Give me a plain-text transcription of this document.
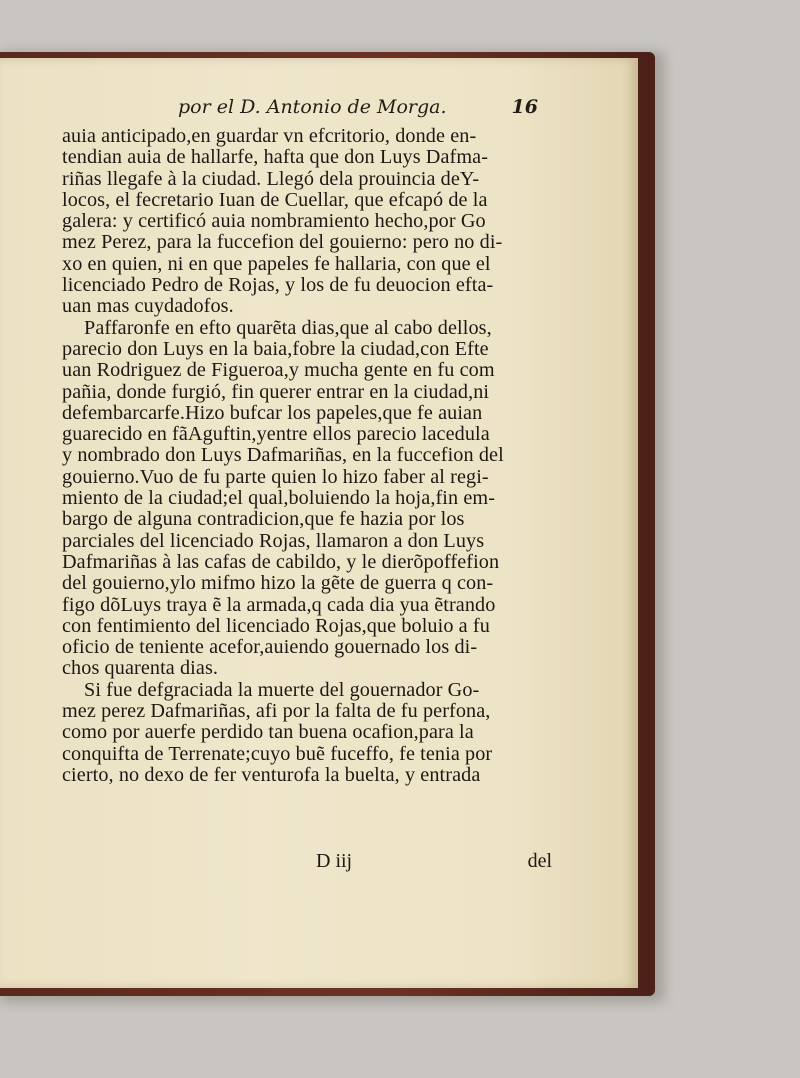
por el D. Antonio de Morga.	16
auia anticipado,en guardar vn efcritorio, donde en-
tendian auia de hallarfe, hafta que don Luys Dafma-
riñas llegafe à la ciudad. Llegó dela prouincia deY-
locos, el fecretario Iuan de Cuellar, que efcapó de la
galera: y certificó auia nombramiento hecho,por Go
mez Perez, para la fuccefion del gouierno: pero no di-
xo en quien, ni en que papeles fe hallaria, con que el
licenciado Pedro de Rojas, y los de fu deuocion efta-
uan mas cuydadofos.
Paffaronfe en efto quarẽta dias,que al cabo dellos,
parecio don Luys en la baia,fobre la ciudad,con Efte
uan Rodriguez de Figueroa,y mucha gente en fu com
pañia, donde furgió, fin querer entrar en la ciudad,ni
defembarcarfe.Hizo bufcar los papeles,que fe auian
guarecido en fãAguftin,yentre ellos parecio lacedula
y nombrado don Luys Dafmariñas, en la fuccefion del
gouierno.Vuo de fu parte quien lo hizo faber al regi-
miento de la ciudad;el qual,boluiendo la hoja,fin em-
bargo de alguna contradicion,que fe hazia por los
parciales del licenciado Rojas, llamaron a don Luys
Dafmariñas à las cafas de cabildo, y le dierõpoffefion
del gouierno,ylo mifmo hizo la gẽte de guerra q con-
figo dõLuys traya ẽ la armada,q cada dia yua ẽtrando
con fentimiento del licenciado Rojas,que boluio a fu
oficio de teniente acefor,auiendo gouernado los di-
chos quarenta dias.
Si fue defgraciada la muerte del gouernador Go-
mez perez Dafmariñas, afi por la falta de fu perfona,
como por auerfe perdido tan buena ocafion,para la
conquifta de Terrenate;cuyo buẽ fuceffo, fe tenia por
cierto, no dexo de fer venturofa la buelta, y entrada
D iij	del
